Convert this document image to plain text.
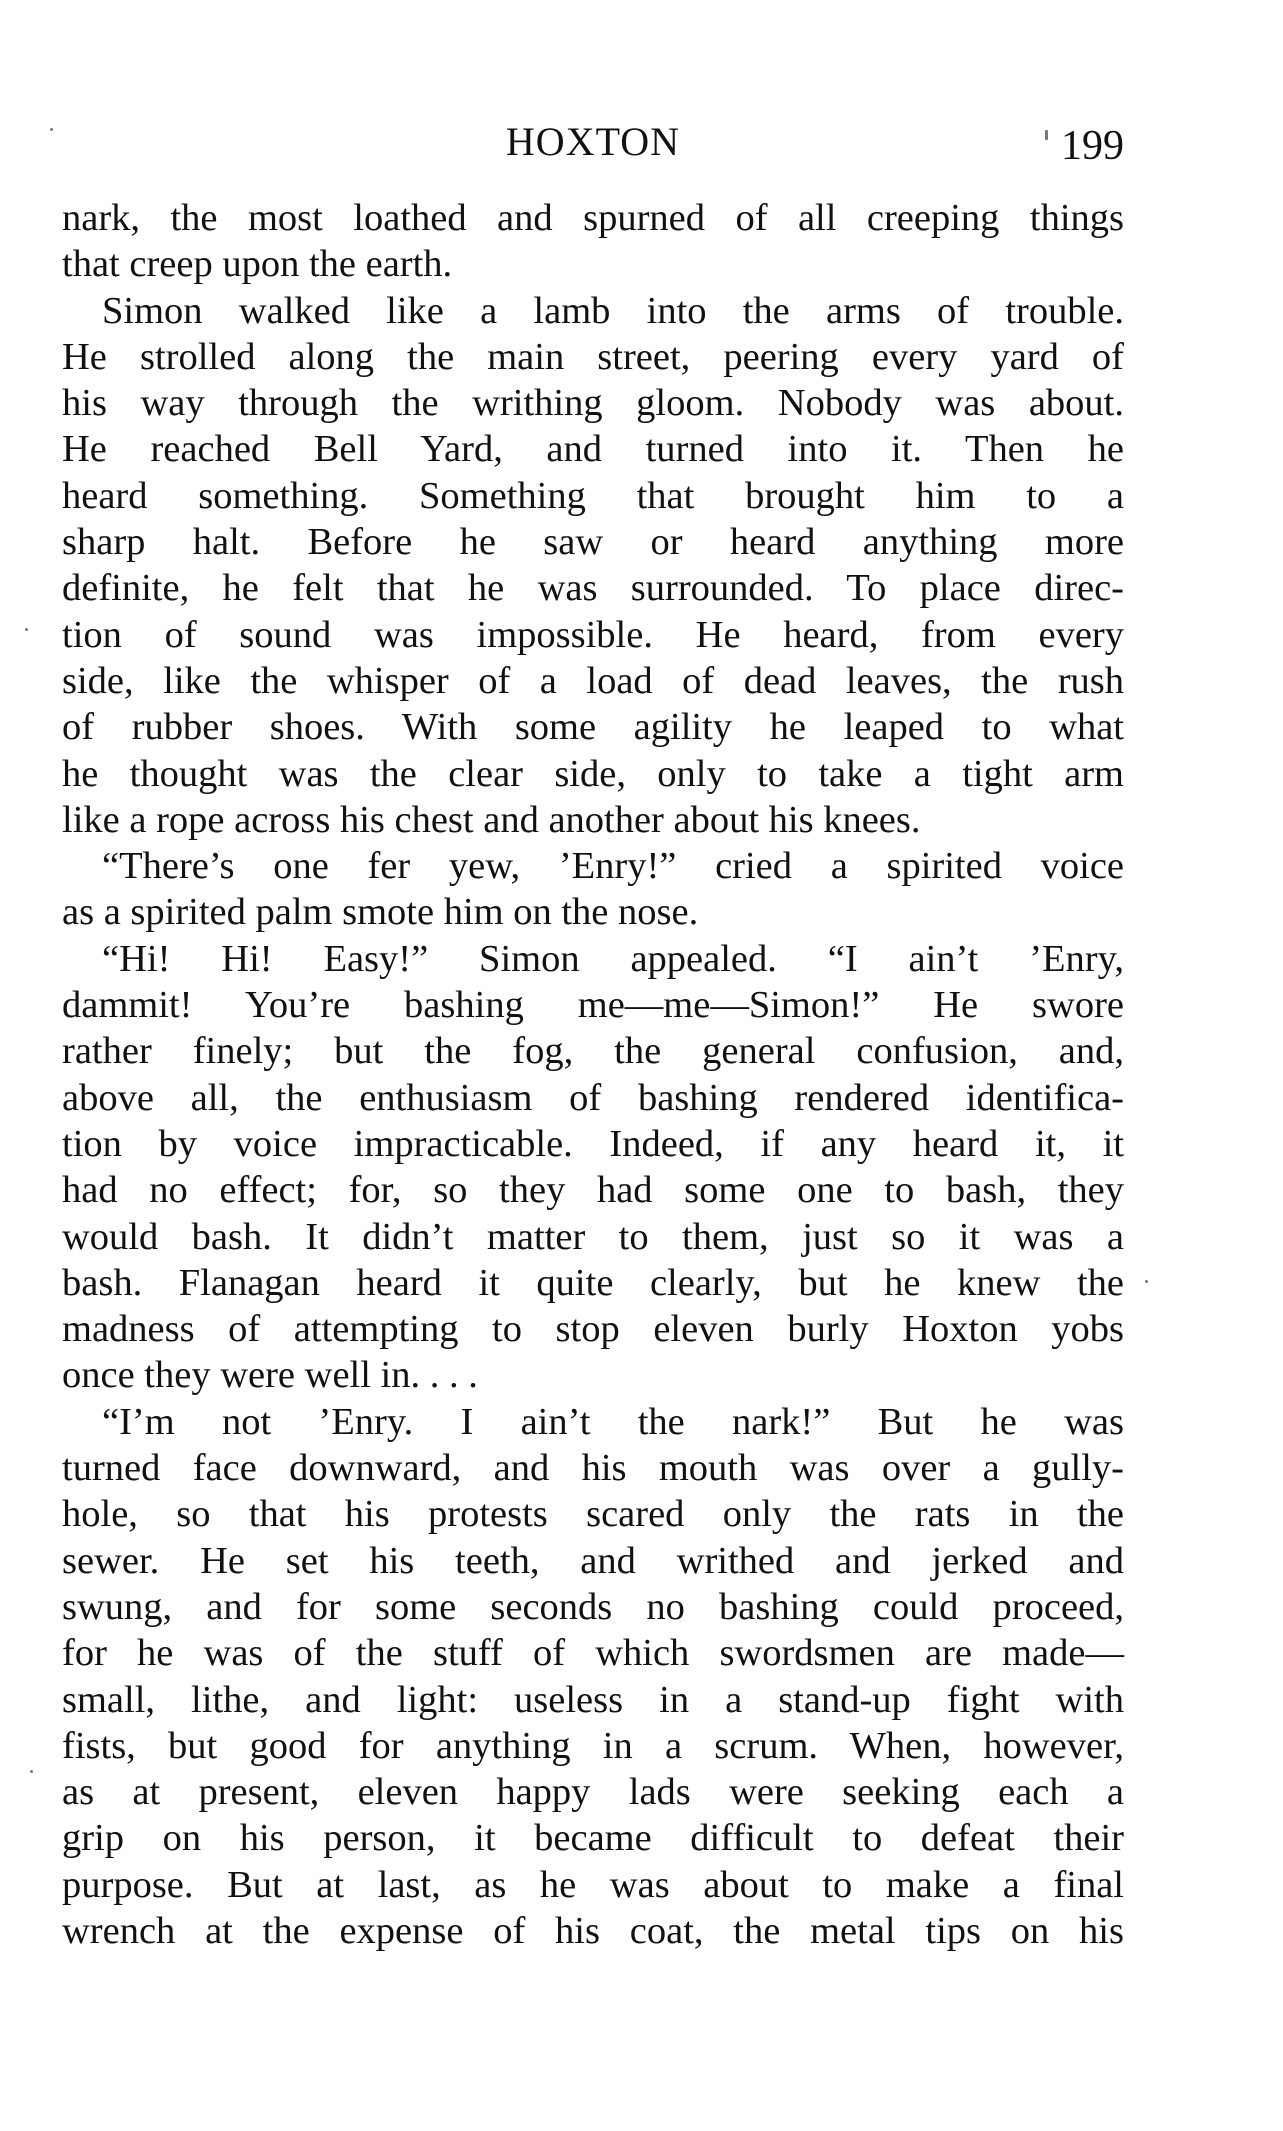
HOXTON	199
nark, the most loathed and spurned of all creeping things
that creep upon the earth.
Simon walked like a lamb into the arms of trouble.
He strolled along the main street, peering every yard of
his way through the writhing gloom. Nobody was about.
He reached Bell Yard, and turned into it. Then he
heard something. Something that brought him to a
sharp halt. Before he saw or heard anything more
definite, he felt that he was surrounded. To place direc-
tion of sound was impossible. He heard, from every
side, like the whisper of a load of dead leaves, the rush
of rubber shoes. With some agility he leaped to what
he thought was the clear side, only to take a tight arm
like a rope across his chest and another about his knees.
“There’s one fer yew, ’Enry!” cried a spirited voice
as a spirited palm smote him on the nose.
“Hi! Hi! Easy!” Simon appealed. “I ain’t ’Enry,
dammit! You’re bashing me—me—Simon!” He swore
rather finely; but the fog, the general confusion, and,
above all, the enthusiasm of bashing rendered identifica-
tion by voice impracticable. Indeed, if any heard it, it
had no effect; for, so they had some one to bash, they
would bash. It didn’t matter to them, just so it was a
bash. Flanagan heard it quite clearly, but he knew the
madness of attempting to stop eleven burly Hoxton yobs
once they were well in. . . .
“I’m not ’Enry. I ain’t the nark!” But he was
turned face downward, and his mouth was over a gully-
hole, so that his protests scared only the rats in the
sewer. He set his teeth, and writhed and jerked and
swung, and for some seconds no bashing could proceed,
for he was of the stuff of which swordsmen are made—
small, lithe, and light: useless in a stand-up fight with
fists, but good for anything in a scrum. When, however,
as at present, eleven happy lads were seeking each a
grip on his person, it became difficult to defeat their
purpose. But at last, as he was about to make a final
wrench at the expense of his coat, the metal tips on his
